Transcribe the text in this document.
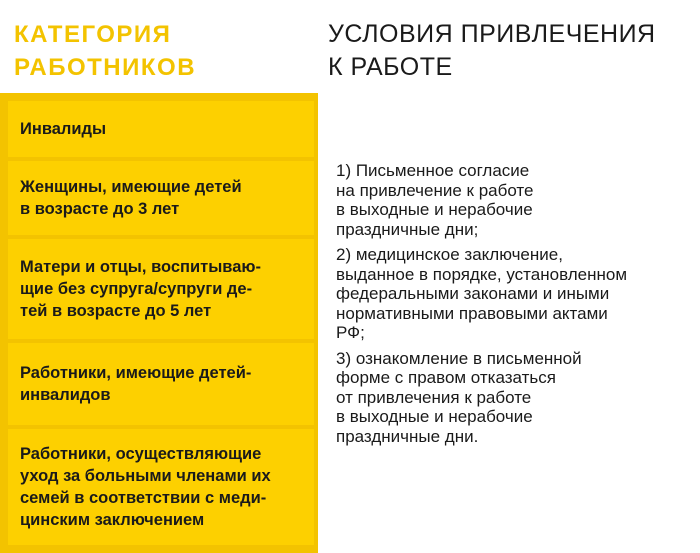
КАТЕГОРИЯ
РАБОТНИКОВ
УСЛОВИЯ ПРИВЛЕЧЕНИЯ
К РАБОТЕ
Инвалиды
Женщины, имеющие детей
в возрасте до 3 лет
Матери и отцы, воспитываю-
щие без супруга/супруги де-
тей в возрасте до 5 лет
Работники, имеющие детей-
инвалидов
Работники, осуществляющие
уход за больными членами их
семей в соответствии с меди-
цинским заключением
1) Письменное согласие
на привлечение к работе
в выходные и нерабочие
праздничные дни;
2) медицинское заключение,
выданное в порядке, установленном
федеральными законами и иными
нормативными правовыми актами
РФ;
3) ознакомление в письменной
форме с правом отказаться
от привлечения к работе
в выходные и нерабочие
праздничные дни.
